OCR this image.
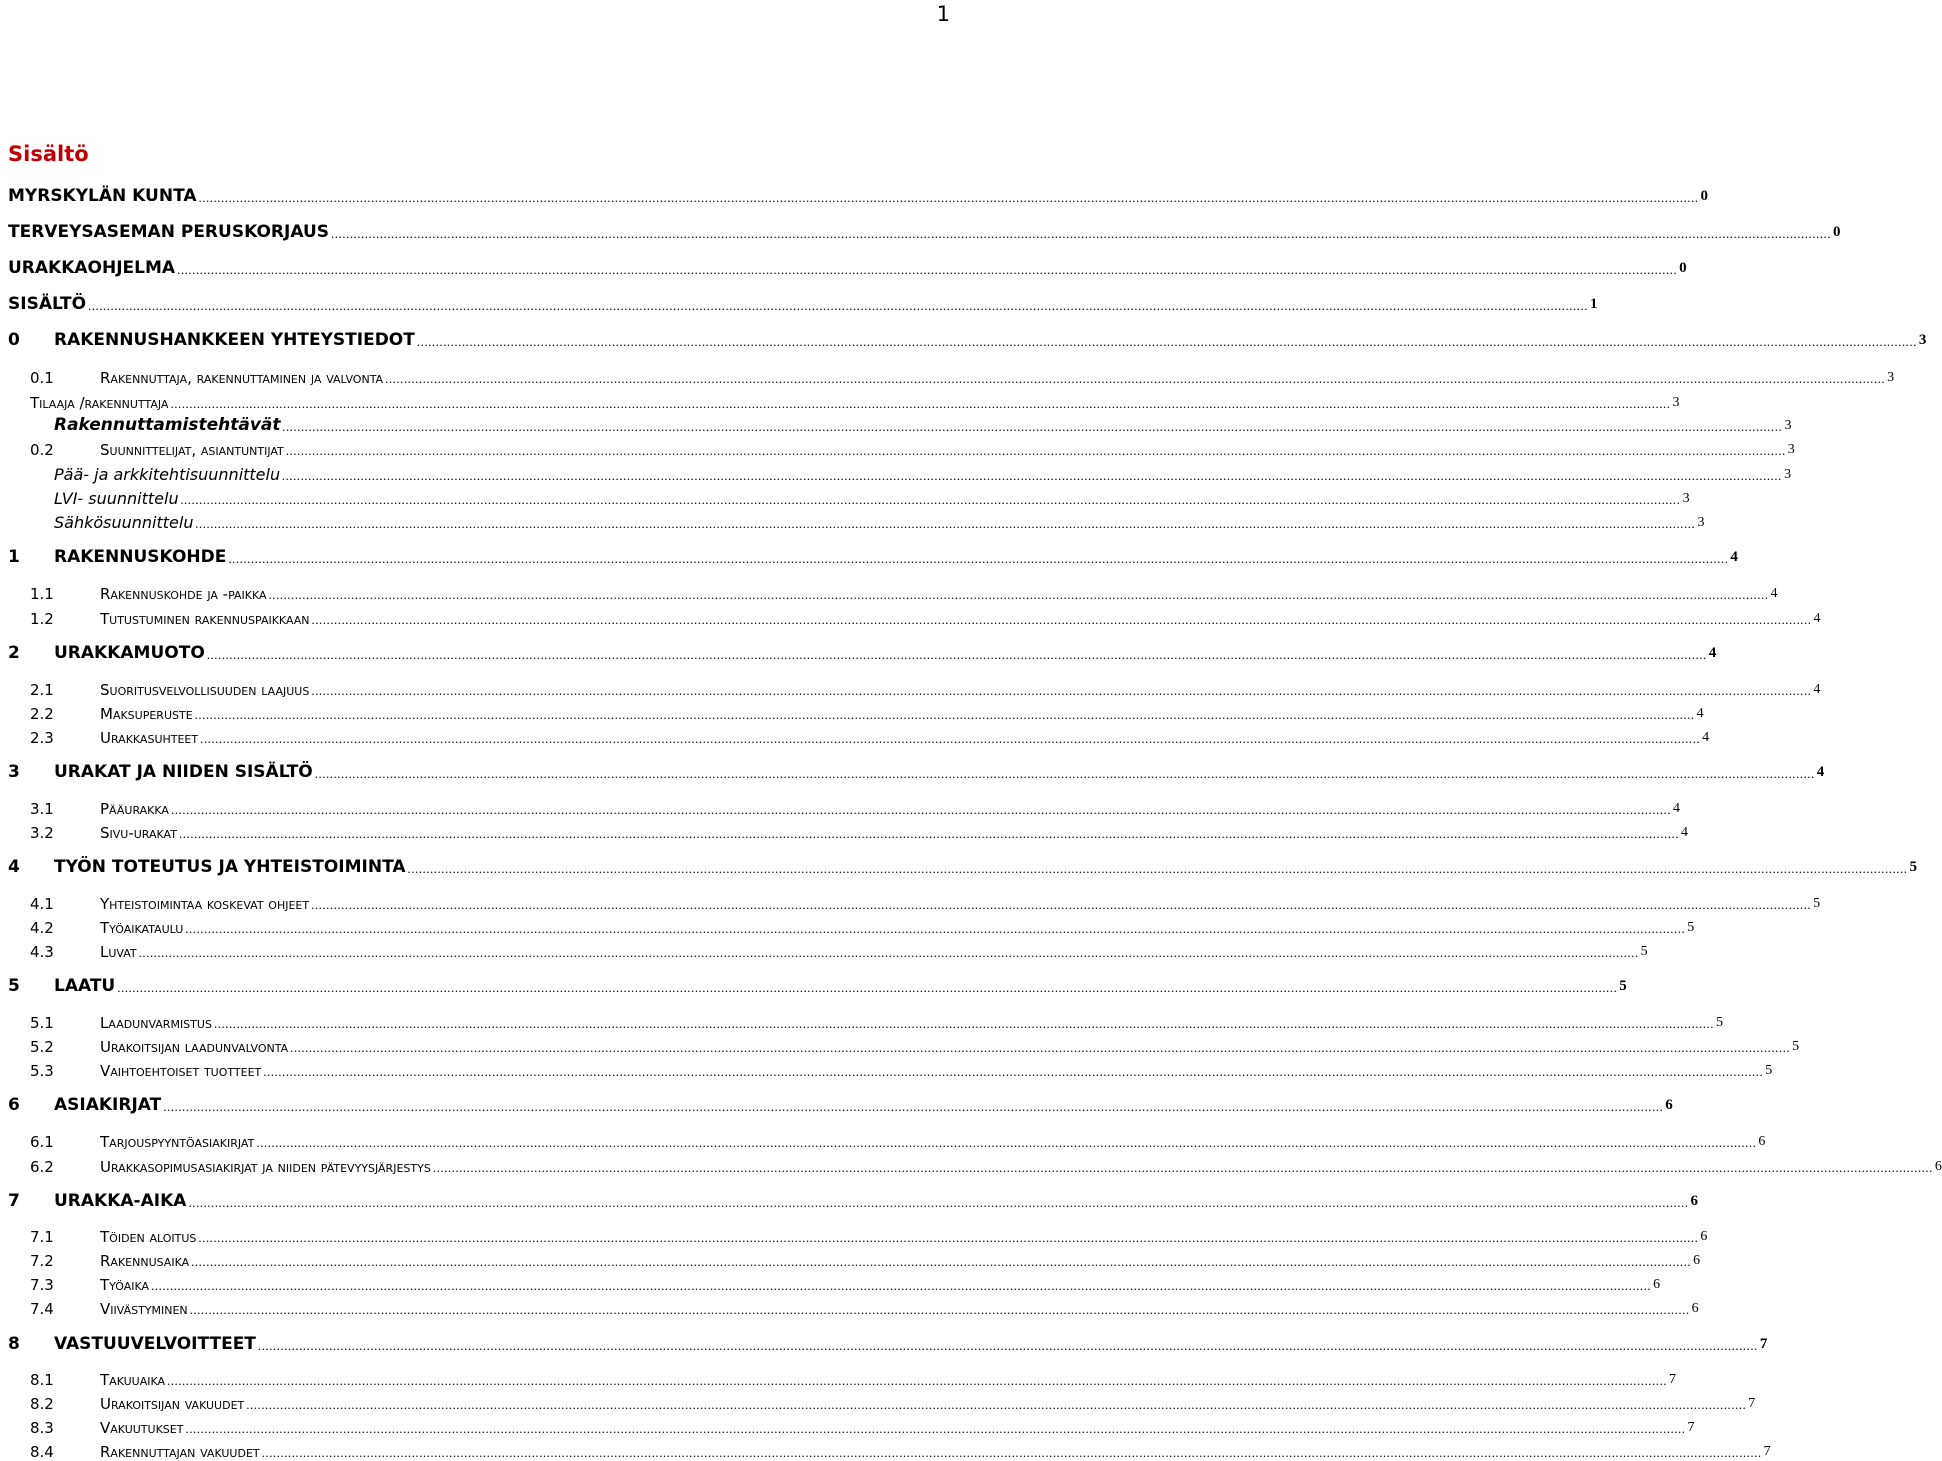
1
Sisältö
MYRSKYLÄN KUNTA ................................................................................................................................................................................................................................................................................................................................................................................................................ 0
TERVEYSASEMAN PERUSKORJAUS ................................................................................................................................................................................................................................................................................................................................................................................................................ 0
URAKKAOHJELMA ................................................................................................................................................................................................................................................................................................................................................................................................................ 0
SISÄLTÖ ................................................................................................................................................................................................................................................................................................................................................................................................................ 1
0	RAKENNUSHANKKEEN YHTEYSTIEDOT ................................................................................................................................................................................................................................................................................................................................................................................................................ 3
0.1	Rakennuttaja, rakennuttaminen ja valvonta ................................................................................................................................................................................................................................................................................................................................................................................................................ 3
Tilaaja /rakennuttaja ................................................................................................................................................................................................................................................................................................................................................................................................................ 3
Rakennuttamistehtävät ................................................................................................................................................................................................................................................................................................................................................................................................................ 3
0.2	Suunnittelijat, asiantuntijat ................................................................................................................................................................................................................................................................................................................................................................................................................ 3
Pää- ja arkkitehtisuunnittelu ................................................................................................................................................................................................................................................................................................................................................................................................................ 3
LVI- suunnittelu ................................................................................................................................................................................................................................................................................................................................................................................................................ 3
Sähkösuunnittelu ................................................................................................................................................................................................................................................................................................................................................................................................................ 3
1	RAKENNUSKOHDE ................................................................................................................................................................................................................................................................................................................................................................................................................ 4
1.1	Rakennuskohde ja -paikka ................................................................................................................................................................................................................................................................................................................................................................................................................ 4
1.2	Tutustuminen rakennuspaikkaan ................................................................................................................................................................................................................................................................................................................................................................................................................ 4
2	URAKKAMUOTO ................................................................................................................................................................................................................................................................................................................................................................................................................ 4
2.1	Suoritusvelvollisuuden laajuus ................................................................................................................................................................................................................................................................................................................................................................................................................ 4
2.2	Maksuperuste ................................................................................................................................................................................................................................................................................................................................................................................................................ 4
2.3	Urakkasuhteet ................................................................................................................................................................................................................................................................................................................................................................................................................ 4
3	URAKAT JA NIIDEN SISÄLTÖ ................................................................................................................................................................................................................................................................................................................................................................................................................ 4
3.1	Pääurakka ................................................................................................................................................................................................................................................................................................................................................................................................................ 4
3.2	Sivu-urakat ................................................................................................................................................................................................................................................................................................................................................................................................................ 4
4	TYÖN TOTEUTUS JA YHTEISTOIMINTA ................................................................................................................................................................................................................................................................................................................................................................................................................ 5
4.1	Yhteistoimintaa koskevat ohjeet ................................................................................................................................................................................................................................................................................................................................................................................................................ 5
4.2	Työaikataulu ................................................................................................................................................................................................................................................................................................................................................................................................................ 5
4.3	Luvat ................................................................................................................................................................................................................................................................................................................................................................................................................ 5
5	LAATU ................................................................................................................................................................................................................................................................................................................................................................................................................ 5
5.1	Laadunvarmistus ................................................................................................................................................................................................................................................................................................................................................................................................................ 5
5.2	Urakoitsijan laadunvalvonta ................................................................................................................................................................................................................................................................................................................................................................................................................ 5
5.3	Vaihtoehtoiset tuotteet ................................................................................................................................................................................................................................................................................................................................................................................................................ 5
6	ASIAKIRJAT ................................................................................................................................................................................................................................................................................................................................................................................................................ 6
6.1	Tarjouspyyntöasiakirjat ................................................................................................................................................................................................................................................................................................................................................................................................................ 6
6.2	Urakkasopimusasiakirjat ja niiden pätevyysjärjestys ................................................................................................................................................................................................................................................................................................................................................................................................................ 6
7	URAKKA-AIKA ................................................................................................................................................................................................................................................................................................................................................................................................................ 6
7.1	Töiden aloitus ................................................................................................................................................................................................................................................................................................................................................................................................................ 6
7.2	Rakennusaika ................................................................................................................................................................................................................................................................................................................................................................................................................ 6
7.3	Työaika ................................................................................................................................................................................................................................................................................................................................................................................................................ 6
7.4	Viivästyminen ................................................................................................................................................................................................................................................................................................................................................................................................................ 6
8	VASTUUVELVOITTEET ................................................................................................................................................................................................................................................................................................................................................................................................................ 7
8.1	Takuuaika ................................................................................................................................................................................................................................................................................................................................................................................................................ 7
8.2	Urakoitsijan vakuudet ................................................................................................................................................................................................................................................................................................................................................................................................................ 7
8.3	Vakuutukset ................................................................................................................................................................................................................................................................................................................................................................................................................ 7
8.4	Rakennuttajan vakuudet ................................................................................................................................................................................................................................................................................................................................................................................................................ 7
